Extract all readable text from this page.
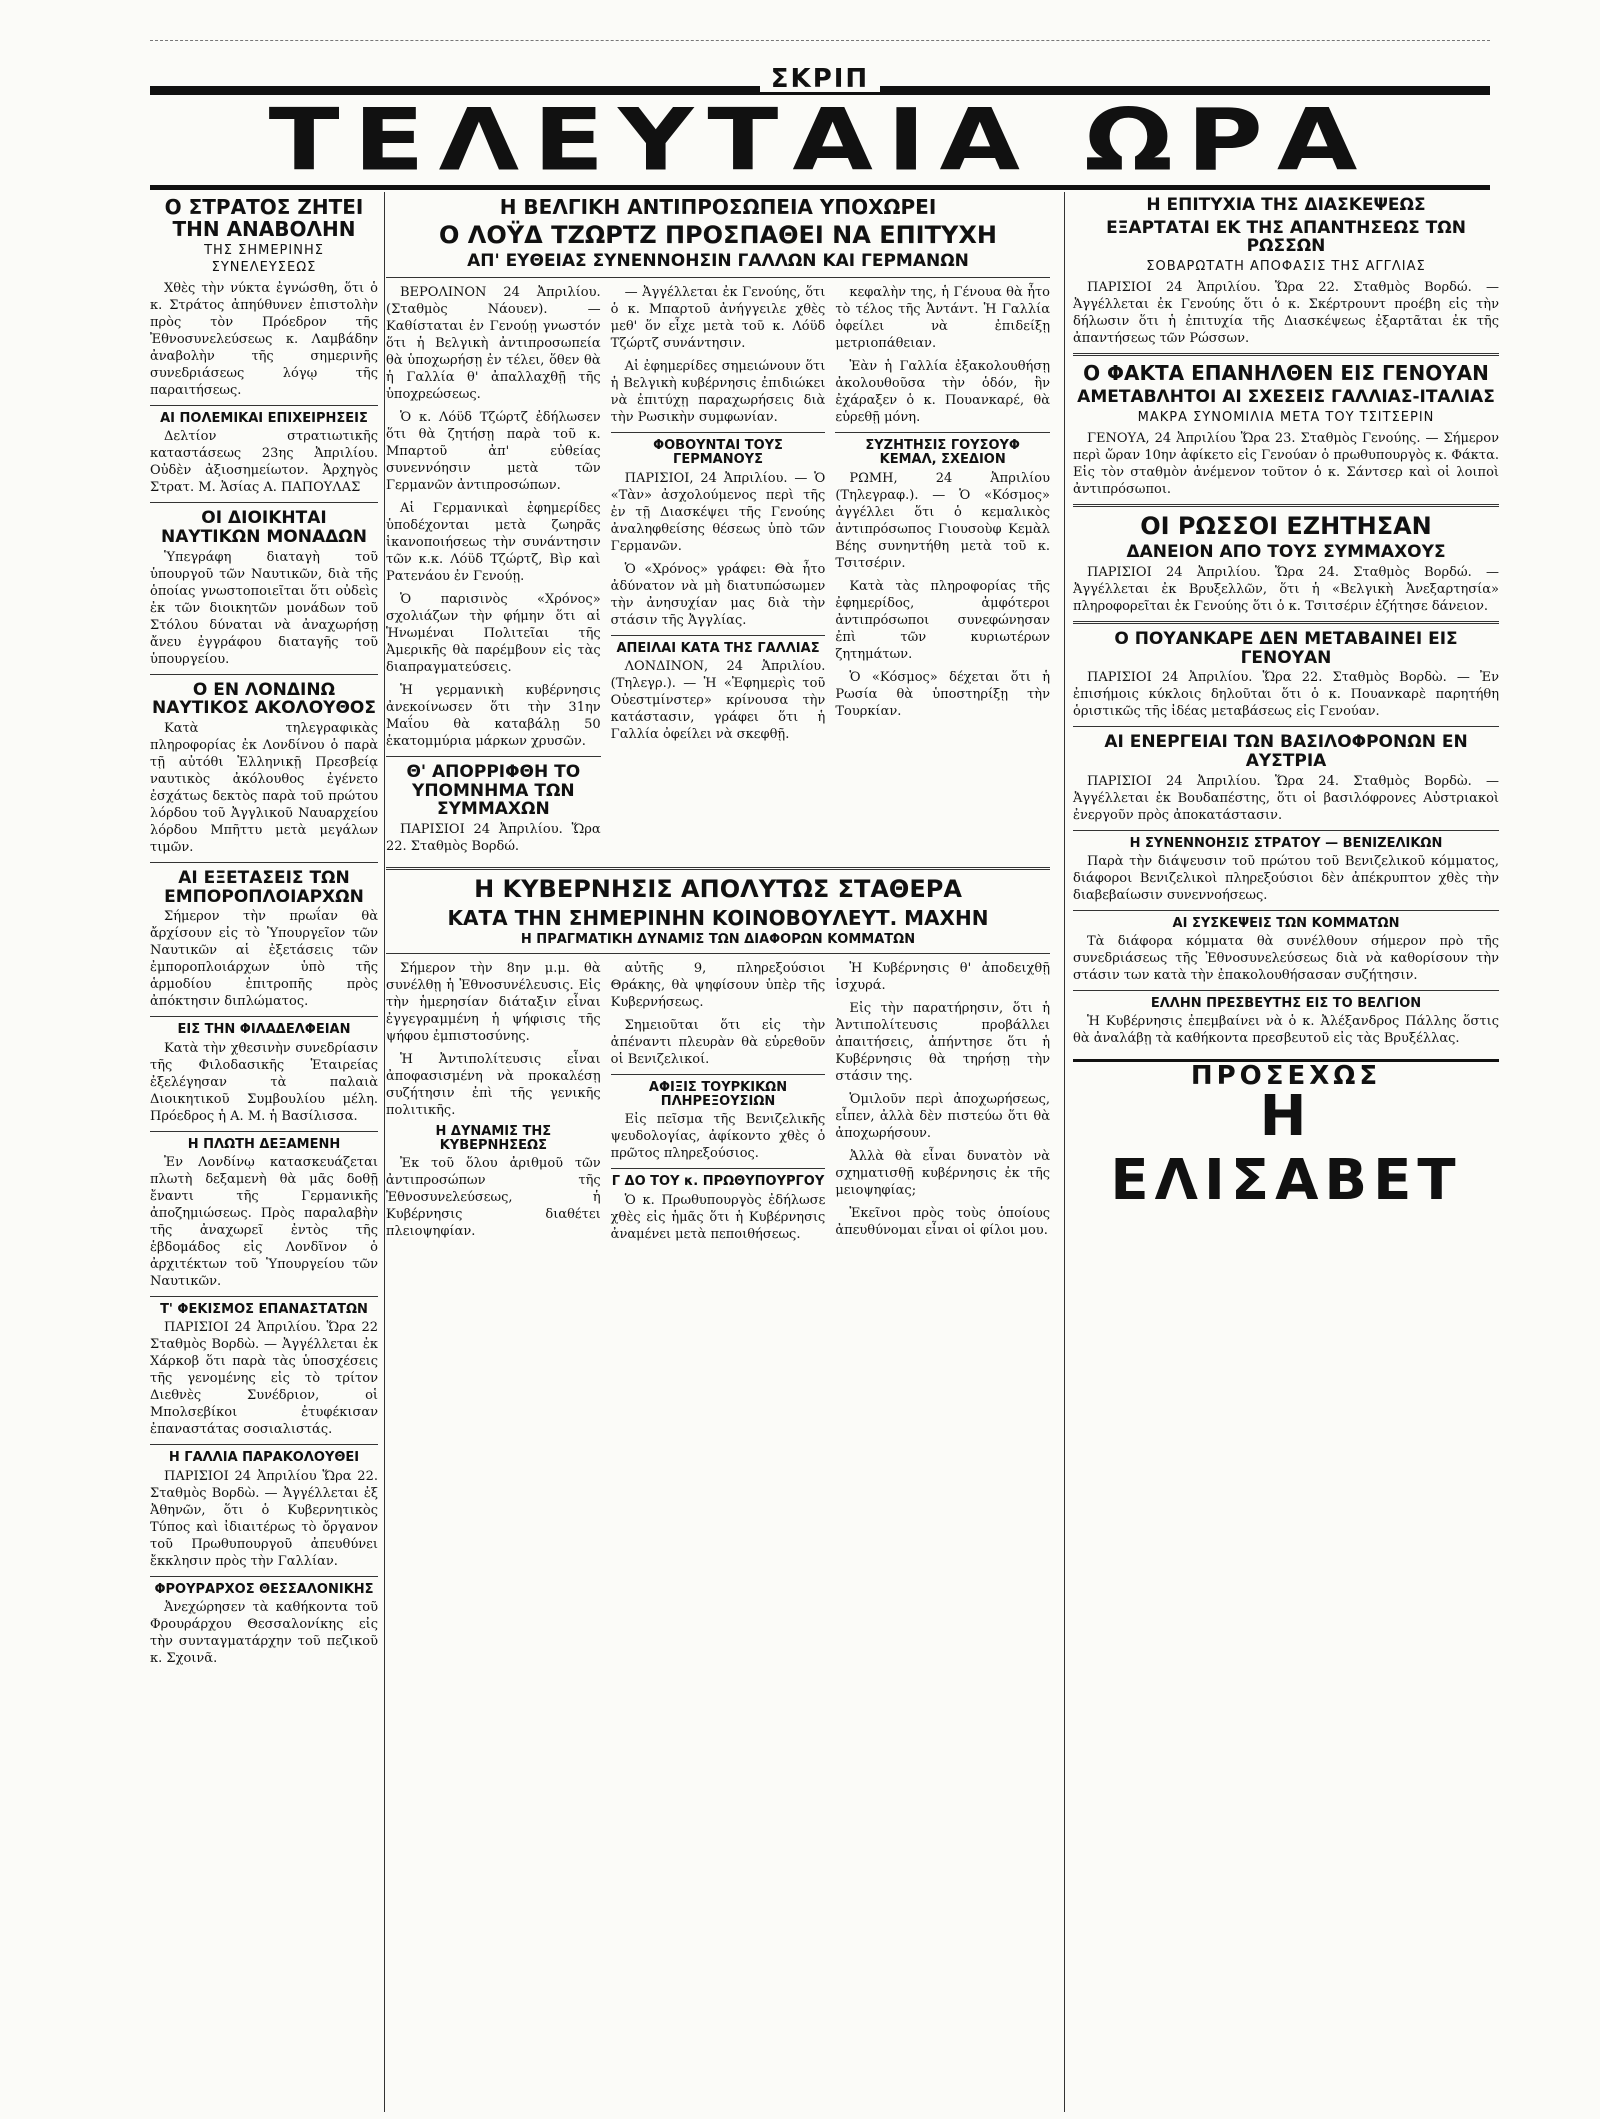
ΣΚΡΙΠ
ΤΕΛΕΥΤΑΙΑ ΩΡΑ
Ο ΣΤΡΑΤΟΣ ΖΗΤΕΙ ΤΗΝ ΑΝΑΒΟΛΗΝ
ΤΗΣ ΣΗΜΕΡΙΝΗΣ ΣΥΝΕΛΕΥΣΕΩΣ

Χθὲς τὴν νύκτα ἐγνώσθη, ὅτι ὁ κ. Στράτος ἀπηύθυνεν ἐπιστολὴν πρὸς τὸν Πρόεδρον τῆς Ἐθνοσυνελεύσεως κ. Λαμβάδην ἀναβολὴν τῆς σημερινῆς συνεδριάσεως λόγῳ τῆς παραιτήσεως.

ΑΙ ΠΟΛΕΜΙΚΑΙ ΕΠΙΧΕΙΡΗΣΕΙΣ

Δελτίον στρατιωτικῆς καταστάσεως 23ης Ἀπριλίου. Οὐδὲν ἀξιοσημείωτον. Ἀρχηγὸς Στρατ. Μ. Ἀσίας Α. ΠΑΠΟΥΛΑΣ

ΟΙ ΔΙΟΙΚΗΤΑΙ ΝΑΥΤΙΚΩΝ ΜΟΝΑΔΩΝ

Ὑπεγράφη διαταγὴ τοῦ ὑπουργοῦ τῶν Ναυτικῶν, διὰ τῆς ὁποίας γνωστοποιεῖται ὅτι οὐδεὶς ἐκ τῶν διοικητῶν μονάδων τοῦ Στόλου δύναται νὰ ἀναχωρήσῃ ἄνευ ἐγγράφου διαταγῆς τοῦ ὑπουργείου.

Ο ΕΝ ΛΟΝΔΙΝΩ ΝΑΥΤΙΚΟΣ ΑΚΟΛΟΥΘΟΣ

Κατὰ τηλεγραφικὰς πληροφορίας ἐκ Λονδίνου ὁ παρὰ τῇ αὐτόθι Ἑλληνικῇ Πρεσβείᾳ ναυτικὸς ἀκόλουθος ἐγένετο ἐσχάτως δεκτὸς παρὰ τοῦ πρώτου λόρδου τοῦ Ἀγγλικοῦ Ναυαρχείου λόρδου Μπῆττυ μετὰ μεγάλων τιμῶν.

ΑΙ ΕΞΕΤΑΣΕΙΣ ΤΩΝ ΕΜΠΟΡΟΠΛΟΙΑΡΧΩΝ

Σήμερον τὴν πρωΐαν θὰ ἄρχίσουν εἰς τὸ Ὑπουργεῖον τῶν Ναυτικῶν αἱ ἐξετάσεις τῶν ἐμποροπλοιάρχων ὑπὸ τῆς ἁρμοδίου ἐπιτροπῆς πρὸς ἀπόκτησιν διπλώματος.

ΕΙΣ ΤΗΝ ΦΙΛΑΔΕΛΦΕΙΑΝ

Κατὰ τὴν χθεσινὴν συνεδρίασιν τῆς Φιλοδασικῆς Ἑταιρείας ἐξελέγησαν τὰ παλαιὰ Διοικητικοῦ Συμβουλίου μέλη. Πρόεδρος ἡ Α. Μ. ἡ Βασίλισσα.

Η ΠΛΩΤΗ ΔΕΞΑΜΕΝΗ

Ἐν Λονδίνῳ κατασκευάζεται πλωτὴ δεξαμενὴ θὰ μᾶς δοθῇ ἔναντι τῆς Γερμανικῆς ἀποζημιώσεως. Πρὸς παραλαβὴν τῆς ἀναχωρεῖ ἐντὸς τῆς ἑβδομάδος εἰς Λονδῖνον ὁ ἀρχιτέκτων τοῦ Ὑπουργείου τῶν Ναυτικῶν.

Τ' ΦΕΚΙΣΜΟΣ ΕΠΑΝΑΣΤΑΤΩΝ

ΠΑΡΙΣΙΟΙ 24 Ἀπριλίου. Ὥρα 22 Σταθμὸς Βορδὼ. — Ἀγγέλλεται ἐκ Χάρκοβ ὅτι παρὰ τὰς ὑποσχέσεις τῆς γενομένης εἰς τὸ τρίτον Διεθνὲς Συνέδριον, οἱ Μπολσεβίκοι ἐτυφέκισαν ἐπαναστάτας σοσιαλιστάς.

Η ΓΑΛΛΙΑ ΠΑΡΑΚΟΛΟΥΘΕΙ

ΠΑΡΙΣΙΟΙ 24 Ἀπριλίου Ὥρα 22. Σταθμὸς Βορδὼ. — Ἀγγέλλεται ἐξ Ἀθηνῶν, ὅτι ὁ Κυβερνητικὸς Τύπος καὶ ἰδιαιτέρως τὸ ὄργανον τοῦ Πρωθυπουργοῦ ἀπευθύνει ἔκκλησιν πρὸς τὴν Γαλλίαν.

ΦΡΟΥΡΑΡΧΟΣ ΘΕΣΣΑΛΟΝΙΚΗΣ

Ἀνεχώρησεν τὰ καθήκοντα τοῦ Φρουράρχου Θεσσαλονίκης εἰς τὴν συνταγματάρχην τοῦ πεζικοῦ κ. Σχοινᾶ.

Η ΒΕΛΓΙΚΗ ΑΝΤΙΠΡΟΣΩΠΕΙΑ ΥΠΟΧΩΡΕΙ
Ο ΛΟΫΔ ΤΖΩΡΤΖ ΠΡΟΣΠΑΘΕΙ ΝΑ ΕΠΙΤΥΧΗ
ΑΠ' ΕΥΘΕΙΑΣ ΣΥΝΕΝΝΟΗΣΙΝ ΓΑΛΛΩΝ ΚΑΙ ΓΕΡΜΑΝΩΝ

ΒΕΡΟΛΙΝΟΝ 24 Ἀπριλίου. (Σταθμὸς Νάουεν). — Καθίσταται ἐν Γενούῃ γνωστόν ὅτι ἡ Βελγικὴ ἀντιπροσωπεία θὰ ὑποχωρήσῃ ἐν τέλει, ὅθεν θὰ ἡ Γαλλία θ' ἀπαλλαχθῇ τῆς ὑποχρεώσεως.

Ὁ κ. Λόϋδ Τζώρτζ ἐδήλωσεν ὅτι θὰ ζητήσῃ παρὰ τοῦ κ. Μπαρτοῦ ἀπ' εὐθείας συνεννόησιν μετὰ τῶν Γερμανῶν ἀντιπροσώπων.

Αἱ Γερμανικαὶ ἐφημερίδες ὑποδέχονται μετὰ ζωηρᾶς ἱκανοποιήσεως τὴν συνάντησιν τῶν κ.κ. Λόϋδ Τζώρτζ, Βὶρ καὶ Ρατενάου ἐν Γενούῃ.

Ὁ παρισινὸς «Χρόνος» σχολιάζων τὴν φήμην ὅτι αἱ Ἡνωμέναι Πολιτεῖαι τῆς Ἀμερικῆς θὰ παρέμβουν εἰς τὰς διαπραγματεύσεις.

Ἡ γερμανικὴ κυβέρνησις ἀνεκοίνωσεν ὅτι τὴν 31ην Μαΐου θὰ καταβάλῃ 50 ἑκατομμύρια μάρκων χρυσῶν.

Θ' ΑΠΟΡΡΙΦΘΗ ΤΟ ΥΠΟΜΝΗΜΑ ΤΩΝ ΣΥΜΜΑΧΩΝ

ΠΑΡΙΣΙΟΙ 24 Ἀπριλίου. Ὥρα 22. Σταθμὸς Βορδώ.

— Ἀγγέλλεται ἐκ Γενούης, ὅτι ὁ κ. Μπαρτοῦ ἀνήγγειλε χθὲς μεθ' ὅν εἶχε μετὰ τοῦ κ. Λόϋδ Τζώρτζ συνάντησιν.

Αἱ ἐφημερίδες σημειώνουν ὅτι ἡ Βελγικὴ κυβέρνησις ἐπιδιώκει νὰ ἐπιτύχῃ παραχωρήσεις διὰ τὴν Ρωσικὴν συμφωνίαν.

ΦΟΒΟΥΝΤΑΙ ΤΟΥΣ ΓΕΡΜΑΝΟΥΣ

ΠΑΡΙΣΙΟΙ, 24 Ἀπριλίου. — Ὁ «Τὰν» ἀσχολούμενος περὶ τῆς ἐν τῇ Διασκέψει τῆς Γενούης ἀναληφθείσης θέσεως ὑπὸ τῶν Γερμανῶν.

Ὁ «Χρόνος» γράφει: Θὰ ἦτο ἀδύνατον νὰ μὴ διατυπώσωμεν τὴν ἀνησυχίαν μας διὰ τὴν στάσιν τῆς Ἀγγλίας.

ΑΠΕΙΛΑΙ ΚΑΤΑ ΤΗΣ ΓΑΛΛΙΑΣ

ΛΟΝΔΙΝΟΝ, 24 Ἀπριλίου. (Τηλεγρ.). — Ἡ «Ἐφημερὶς τοῦ Οὐεστμίνστερ» κρίνουσα τὴν κατάστασιν, γράφει ὅτι ἡ Γαλλία ὀφείλει νὰ σκεφθῇ.

κεφαλὴν της, ἡ Γένουα θὰ ἦτο τὸ τέλος τῆς Ἀντάντ. Ἡ Γαλλία ὀφείλει νὰ ἐπιδείξῃ μετριοπάθειαν.

Ἐὰν ἡ Γαλλία ἐξακολουθήσῃ ἀκολουθοῦσα τὴν ὁδόν, ἣν ἐχάραξεν ὁ κ. Πουανκαρέ, θὰ εὑρεθῇ μόνη.

ΣΥΖΗΤΗΣΙΣ ΓΟΥΣΟΥΦ ΚΕΜΑΛ, ΣΧΕΔΙΟΝ

ΡΩΜΗ, 24 Ἀπριλίου (Τηλεγραφ.). — Ὁ «Κόσμος» ἀγγέλλει ὅτι ὁ κεμαλικὸς ἀντιπρόσωπος Γιουσοὺφ Κεμὰλ Βέης συνηντήθη μετὰ τοῦ κ. Τσιτσέριν.

Κατὰ τὰς πληροφορίας τῆς ἐφημερίδος, ἀμφότεροι ἀντιπρόσωποι συνεφώνησαν ἐπὶ τῶν κυριωτέρων ζητημάτων.

Ὁ «Κόσμος» δέχεται ὅτι ἡ Ρωσία θὰ ὑποστηρίξῃ τὴν Τουρκίαν.

Η ΚΥΒΕΡΝΗΣΙΣ ΑΠΟΛΥΤΩΣ ΣΤΑΘΕΡΑ
ΚΑΤΑ ΤΗΝ ΣΗΜΕΡΙΝΗΝ ΚΟΙΝΟΒΟΥΛΕΥΤ. ΜΑΧΗΝ
Η ΠΡΑΓΜΑΤΙΚΗ ΔΥΝΑΜΙΣ ΤΩΝ ΔΙΑΦΟΡΩΝ ΚΟΜΜΑΤΩΝ

Σήμερον τὴν 8ην μ.μ. θὰ συνέλθῃ ἡ Ἐθνοσυνέλευσις. Εἰς τὴν ἡμερησίαν διάταξιν εἶναι ἐγγεγραμμένη ἡ ψήφισις τῆς ψήφου ἐμπιστοσύνης.

Ἡ Ἀντιπολίτευσις εἶναι ἀποφασισμένη νὰ προκαλέσῃ συζήτησιν ἐπὶ τῆς γενικῆς πολιτικῆς.

Η ΔΥΝΑΜΙΣ ΤΗΣ ΚΥΒΕΡΝΗΣΕΩΣ

Ἐκ τοῦ ὅλου ἀριθμοῦ τῶν ἀντιπροσώπων τῆς Ἐθνοσυνελεύσεως, ἡ Κυβέρνησις διαθέτει πλειοψηφίαν.

αὐτῆς 9, πληρεξούσιοι Θράκης, θὰ ψηφίσουν ὑπὲρ τῆς Κυβερνήσεως.

Σημειοῦται ὅτι εἰς τὴν ἀπέναντι πλευρὰν θὰ εὑρεθοῦν οἱ Βενιζελικοί.

ΑΦΙΞΙΣ ΤΟΥΡΚΙΚΩΝ ΠΛΗΡΕΞΟΥΣΙΩΝ

Εἰς πεῖσμα τῆς Βενιζελικῆς ψευδολογίας, ἀφίκοντο χθὲς ὁ πρῶτος πληρεξούσιος.

Γ ΔΟ ΤΟΥ κ. ΠΡΩΘΥΠΟΥΡΓΟΥ

Ὁ κ. Πρωθυπουργὸς ἐδήλωσε χθὲς εἰς ἡμᾶς ὅτι ἡ Κυβέρνησις ἀναμένει μετὰ πεποιθήσεως.

Ἡ Κυβέρνησις θ' ἀποδειχθῇ ἰσχυρά.

Εἰς τὴν παρατήρησιν, ὅτι ἡ Ἀντιπολίτευσις προβάλλει ἀπαιτήσεις, ἀπήντησε ὅτι ἡ Κυβέρνησις θὰ τηρήσῃ τὴν στάσιν της.

Ὁμιλοῦν περὶ ἀποχωρήσεως, εἶπεν, ἀλλὰ δὲν πιστεύω ὅτι θὰ ἀποχωρήσουν.

Ἀλλὰ θὰ εἶναι δυνατὸν νὰ σχηματισθῇ κυβέρνησις ἐκ τῆς μειοψηφίας;

Ἐκεῖνοι πρὸς τοὺς ὁποίους ἀπευθύνομαι εἶναι οἱ φίλοι μου.

Η ΕΠΙΤΥΧΙΑ ΤΗΣ ΔΙΑΣΚΕΨΕΩΣ
ΕΞΑΡΤΑΤΑΙ ΕΚ ΤΗΣ ΑΠΑΝΤΗΣΕΩΣ ΤΩΝ ΡΩΣΣΩΝ
ΣΟΒΑΡΩΤΑΤΗ ΑΠΟΦΑΣΙΣ ΤΗΣ ΑΓΓΛΙΑΣ

ΠΑΡΙΣΙΟΙ 24 Ἀπριλίου. Ὥρα 22. Σταθμὸς Βορδώ. — Ἀγγέλλεται ἐκ Γενούης ὅτι ὁ κ. Σκέρτρουντ προέβη εἰς τὴν δήλωσιν ὅτι ἡ ἐπιτυχία τῆς Διασκέψεως ἐξαρτᾶται ἐκ τῆς ἀπαντήσεως τῶν Ρώσσων.

Ο ΦΑΚΤΑ ΕΠΑΝΗΛΘΕΝ ΕΙΣ ΓΕΝΟΥΑΝ
ΑΜΕΤΑΒΛΗΤΟΙ ΑΙ ΣΧΕΣΕΙΣ ΓΑΛΛΙΑΣ-ΙΤΑΛΙΑΣ
ΜΑΚΡΑ ΣΥΝΟΜΙΛΙΑ ΜΕΤΑ ΤΟΥ ΤΣΙΤΣΕΡΙΝ

ΓΕΝΟΥΑ, 24 Ἀπριλίου Ὥρα 23. Σταθμὸς Γενούης. — Σήμερον περὶ ὥραν 10ην ἀφίκετο εἰς Γενούαν ὁ πρωθυπουργὸς κ. Φάκτα. Εἰς τὸν σταθμὸν ἀνέμενον τοῦτον ὁ κ. Σάντσερ καὶ οἱ λοιποὶ ἀντιπρόσωποι.

ΟΙ ΡΩΣΣΟΙ ΕΖΗΤΗΣΑΝ
ΔΑΝΕΙΟΝ ΑΠΟ ΤΟΥΣ ΣΥΜΜΑΧΟΥΣ

ΠΑΡΙΣΙΟΙ 24 Ἀπριλίου. Ὥρα 24. Σταθμὸς Βορδώ. — Ἀγγέλλεται ἐκ Βρυξελλῶν, ὅτι ἡ «Βελγικὴ Ἀνεξαρτησία» πληροφορεῖται ἐκ Γενούης ὅτι ὁ κ. Τσιτσέριν ἐζήτησε δάνειον.

Ο ΠΟΥΑΝΚΑΡΕ ΔΕΝ ΜΕΤΑΒΑΙΝΕΙ ΕΙΣ ΓΕΝΟΥΑΝ

ΠΑΡΙΣΙΟΙ 24 Ἀπριλίου. Ὥρα 22. Σταθμὸς Βορδὼ. — Ἐν ἐπισήμοις κύκλοις δηλοῦται ὅτι ὁ κ. Πουανκαρὲ παρητήθη ὁριστικῶς τῆς ἰδέας μεταβάσεως εἰς Γενούαν.

ΑΙ ΕΝΕΡΓΕΙΑΙ ΤΩΝ ΒΑΣΙΛΟΦΡΟΝΩΝ ΕΝ ΑΥΣΤΡΙΑ

ΠΑΡΙΣΙΟΙ 24 Ἀπριλίου. Ὥρα 24. Σταθμὸς Βορδὼ. — Ἀγγέλλεται ἐκ Βουδαπέστης, ὅτι οἱ βασιλόφρονες Αὐστριακοὶ ἐνεργοῦν πρὸς ἀποκατάστασιν.

Η ΣΥΝΕΝΝΟΗΣΙΣ ΣΤΡΑΤΟΥ — ΒΕΝΙΖΕΛΙΚΩΝ

Παρὰ τὴν διάψευσιν τοῦ πρώτου τοῦ Βενιζελικοῦ κόμματος, διάφοροι Βενιζελικοὶ πληρεξούσιοι δὲν ἀπέκρυπτον χθὲς τὴν διαβεβαίωσιν συνεννοήσεως.

ΑΙ ΣΥΣΚΕΨΕΙΣ ΤΩΝ ΚΟΜΜΑΤΩΝ

Τὰ διάφορα κόμματα θὰ συνέλθουν σήμερον πρὸ τῆς συνεδριάσεως τῆς Ἐθνοσυνελεύσεως διὰ νὰ καθορίσουν τὴν στάσιν των κατὰ τὴν ἐπακολουθήσασαν συζήτησιν.

ΕΛΛΗΝ ΠΡΕΣΒΕΥΤΗΣ ΕΙΣ ΤΟ ΒΕΛΓΙΟΝ

Ἡ Κυβέρνησις ἐπεμβαίνει νὰ ὁ κ. Ἀλέξανδρος Πάλλης ὅστις θὰ ἀναλάβῃ τὰ καθήκοντα πρεσβευτοῦ εἰς τὰς Βρυξέλλας.

ΠΡΟΣΕΧΩΣ
Η ΕΛΙΣΑΒΕΤ
